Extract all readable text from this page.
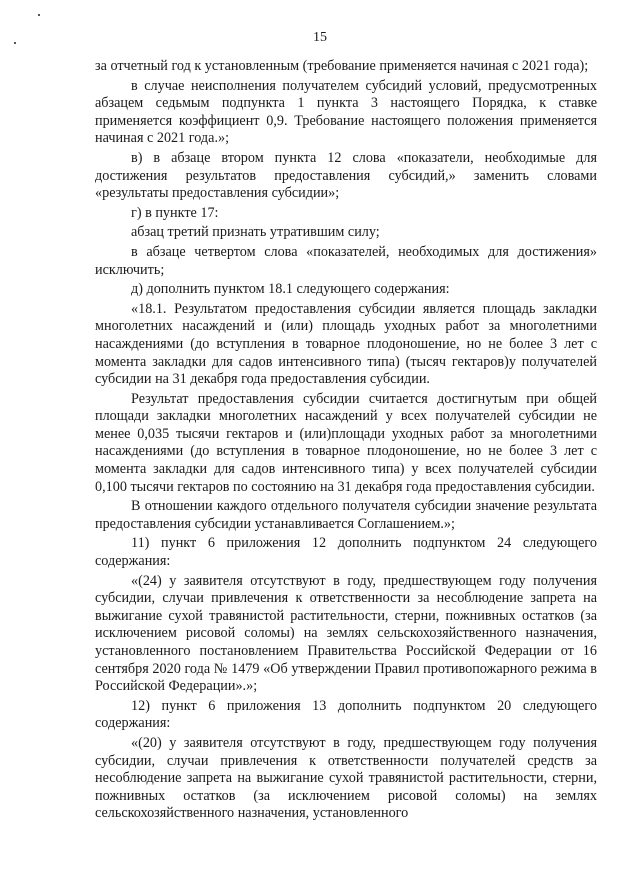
15

за отчетный год к установленным (требование применяется начиная с 2021 года);

в случае неисполнения получателем субсидий условий, предусмотренных абзацем седьмым подпункта 1 пункта 3 настоящего Порядка, к ставке применяется коэффициент 0,9. Требование настоящего положения применяется начиная с 2021 года.»;

в) в абзаце втором пункта 12 слова «показатели, необходимые для достижения результатов предоставления субсидий,» заменить словами «результаты предоставления субсидии»;

г) в пункте 17:

абзац третий признать утратившим силу;

в абзаце четвертом слова «показателей, необходимых для достижения» исключить;

д) дополнить пунктом 18.1 следующего содержания:

«18.1. Результатом предоставления субсидии является площадь закладки многолетних насаждений и (или) площадь уходных работ за многолетними насаждениями (до вступления в товарное плодоношение, но не более 3 лет с момента закладки для садов интенсивного типа) (тысяч гектаров)у получателей субсидии на 31 декабря года предоставления субсидии.

Результат предоставления субсидии считается достигнутым при общей площади закладки многолетних насаждений у всех получателей субсидии не менее 0,035 тысячи гектаров и (или)площади уходных работ за многолетними насаждениями (до вступления в товарное плодоношение, но не более 3 лет с момента закладки для садов интенсивного типа) у всех получателей субсидии 0,100 тысячи гектаров по состоянию на 31 декабря года предоставления субсидии.

В отношении каждого отдельного получателя субсидии значение результата предоставления субсидии устанавливается Соглашением.»;

11) пункт 6 приложения 12 дополнить подпунктом 24 следующего содержания:

«(24) у заявителя отсутствуют в году, предшествующем году получения субсидии, случаи привлечения к ответственности за несоблюдение запрета на выжигание сухой травянистой растительности, стерни, пожнивных остатков (за исключением рисовой соломы) на землях сельскохозяйственного назначения, установленного постановлением Правительства Российской Федерации от 16 сентября 2020 года № 1479 «Об утверждении Правил противопожарного режима в Российской Федерации».»;

12) пункт 6 приложения 13 дополнить подпунктом 20 следующего содержания:

«(20) у заявителя отсутствуют в году, предшествующем году получения субсидии, случаи привлечения к ответственности получателей средств за несоблюдение запрета на выжигание сухой травянистой растительности, стерни, пожнивных остатков (за исключением рисовой соломы) на землях сельскохозяйственного назначения, установленного
